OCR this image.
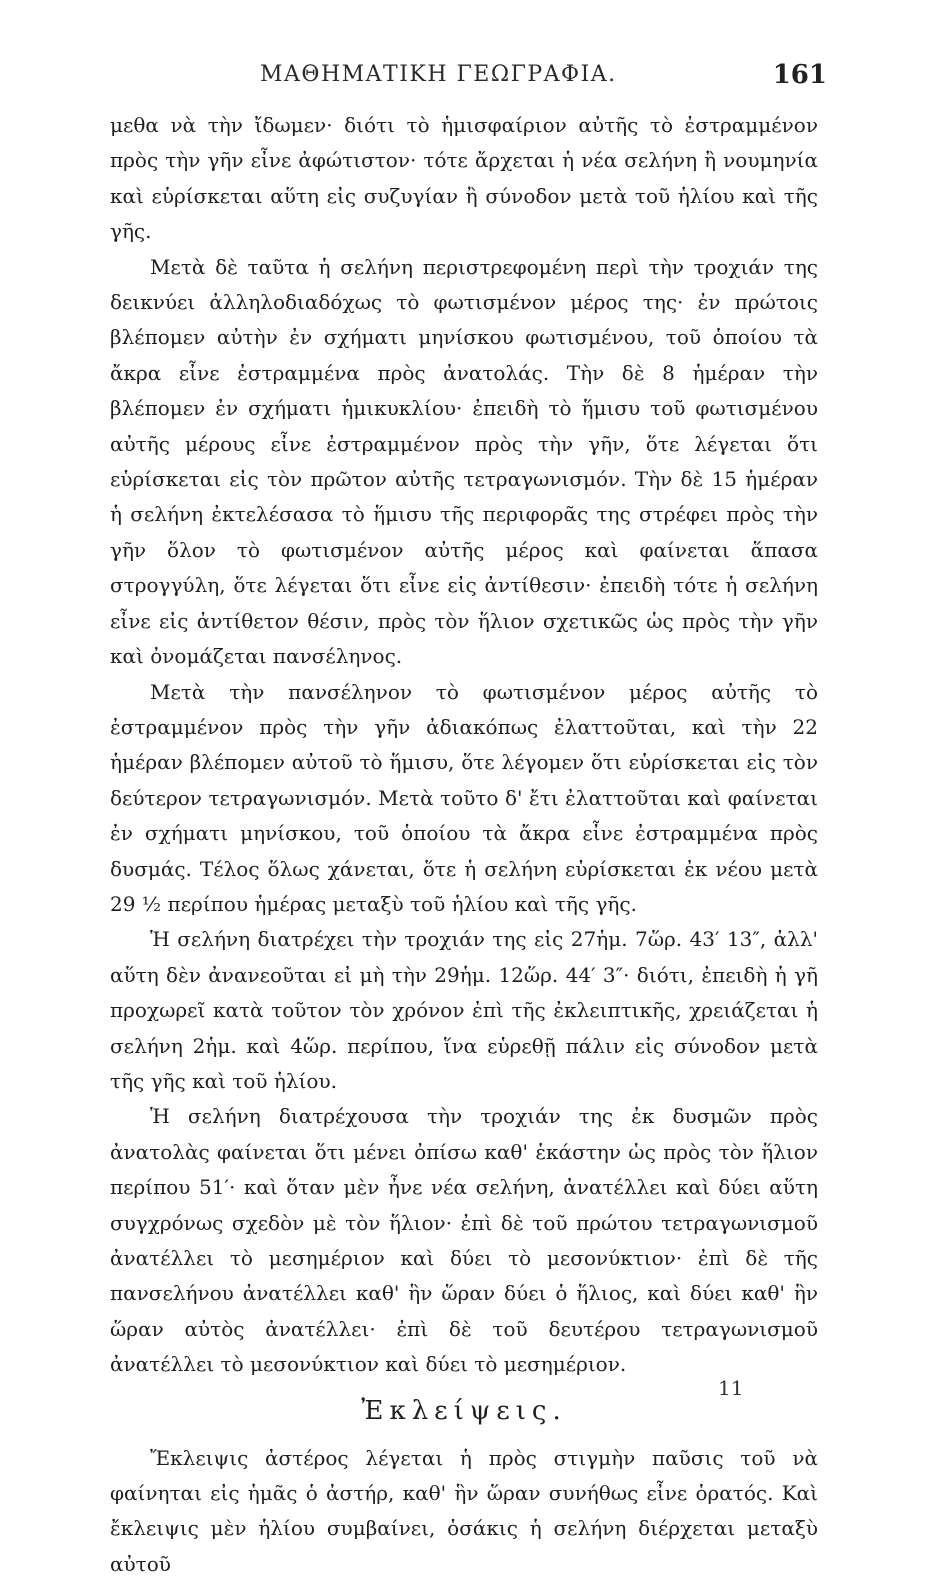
ΜΑΘΗΜΑΤΙΚΗ ΓΕΩΓΡΑΦΙΑ.	161

μεθα νὰ τὴν ἴδωμεν· διότι τὸ ἡμισφαίριον αὐτῆς τὸ ἐστραμμένον πρὸς τὴν γῆν εἶνε ἀφώτιστον· τότε ἄρχεται ἡ νέα σελήνη ἢ νουμηνία καὶ εὑρίσκεται αὕτη εἰς συζυγίαν ἢ σύνοδον μετὰ τοῦ ἡλίου καὶ τῆς γῆς.

Μετὰ δὲ ταῦτα ἡ σελήνη περιστρεφομένη περὶ τὴν τροχιάν της δεικνύει ἀλληλοδιαδόχως τὸ φωτισμένον μέρος της· ἐν πρώτοις βλέπομεν αὐτὴν ἐν σχήματι μηνίσκου φωτισμένου, τοῦ ὁποίου τὰ ἄκρα εἶνε ἐστραμμένα πρὸς ἀνατολάς. Τὴν δὲ 8 ἡμέραν τὴν βλέπομεν ἐν σχήματι ἡμικυκλίου· ἐπειδὴ τὸ ἥμισυ τοῦ φωτισμένου αὐτῆς μέρους εἶνε ἐστραμμένον πρὸς τὴν γῆν, ὅτε λέγεται ὅτι εὑρίσκεται εἰς τὸν πρῶτον αὐτῆς τετραγωνισμόν. Τὴν δὲ 15 ἡμέραν ἡ σελήνη ἐκτελέσασα τὸ ἥμισυ τῆς περιφορᾶς της στρέφει πρὸς τὴν γῆν ὅλον τὸ φωτισμένον αὐτῆς μέρος καὶ φαίνεται ἅπασα στρογγύλη, ὅτε λέγεται ὅτι εἶνε εἰς ἀντίθεσιν· ἐπειδὴ τότε ἡ σελήνη εἶνε εἰς ἀντίθετον θέσιν, πρὸς τὸν ἥλιον σχετικῶς ὡς πρὸς τὴν γῆν καὶ ὀνομάζεται πανσέληνος.

Μετὰ τὴν πανσέληνον τὸ φωτισμένον μέρος αὐτῆς τὸ ἐστραμμένον πρὸς τὴν γῆν ἀδιακόπως ἐλαττοῦται, καὶ τὴν 22 ἡμέραν βλέπομεν αὐτοῦ τὸ ἥμισυ, ὅτε λέγομεν ὅτι εὑρίσκεται εἰς τὸν δεύτερον τετραγωνισμόν. Μετὰ τοῦτο δ' ἔτι ἐλαττοῦται καὶ φαίνεται ἐν σχήματι μηνίσκου, τοῦ ὁποίου τὰ ἄκρα εἶνε ἐστραμμένα πρὸς δυσμάς. Τέλος ὅλως χάνεται, ὅτε ἡ σελήνη εὑρίσκεται ἐκ νέου μετὰ 29 ½ περίπου ἡμέρας μεταξὺ τοῦ ἡλίου καὶ τῆς γῆς.

Ἡ σελήνη διατρέχει τὴν τροχιάν της εἰς 27ἡμ. 7ὥρ. 43′ 13″, ἀλλ' αὕτη δὲν ἀνανεοῦται εἰ μὴ τὴν 29ἡμ. 12ὥρ. 44′ 3″· διότι, ἐπειδὴ ἡ γῆ προχωρεῖ κατὰ τοῦτον τὸν χρόνον ἐπὶ τῆς ἐκλειπτικῆς, χρειάζεται ἡ σελήνη 2ἡμ. καὶ 4ὥρ. περίπου, ἵνα εὑρεθῇ πάλιν εἰς σύνοδον μετὰ τῆς γῆς καὶ τοῦ ἡλίου.

Ἡ σελήνη διατρέχουσα τὴν τροχιάν της ἐκ δυσμῶν πρὸς ἀνατολὰς φαίνεται ὅτι μένει ὀπίσω καθ' ἑκάστην ὡς πρὸς τὸν ἥλιον περίπου 51′· καὶ ὅταν μὲν ἦνε νέα σελήνη, ἀνατέλλει καὶ δύει αὕτη συγχρόνως σχεδὸν μὲ τὸν ἥλιον· ἐπὶ δὲ τοῦ πρώτου τετραγωνισμοῦ ἀνατέλλει τὸ μεσημέριον καὶ δύει τὸ μεσονύκτιον· ἐπὶ δὲ τῆς πανσελήνου ἀνατέλλει καθ' ἣν ὥραν δύει ὁ ἥλιος, καὶ δύει καθ' ἣν ὥραν αὐτὸς ἀνατέλλει· ἐπὶ δὲ τοῦ δευτέρου τετραγωνισμοῦ ἀνατέλλει τὸ μεσονύκτιον καὶ δύει τὸ μεσημέριον.

Ἐκλείψεις.

Ἔκλειψις ἀστέρος λέγεται ἡ πρὸς στιγμὴν παῦσις τοῦ νὰ φαίνηται εἰς ἡμᾶς ὁ ἀστήρ, καθ' ἣν ὥραν συνήθως εἶνε ὁρατός. Καὶ ἔκλειψις μὲν ἡλίου συμβαίνει, ὁσάκις ἡ σελήνη διέρχεται μεταξὺ αὐτοῦ

11
